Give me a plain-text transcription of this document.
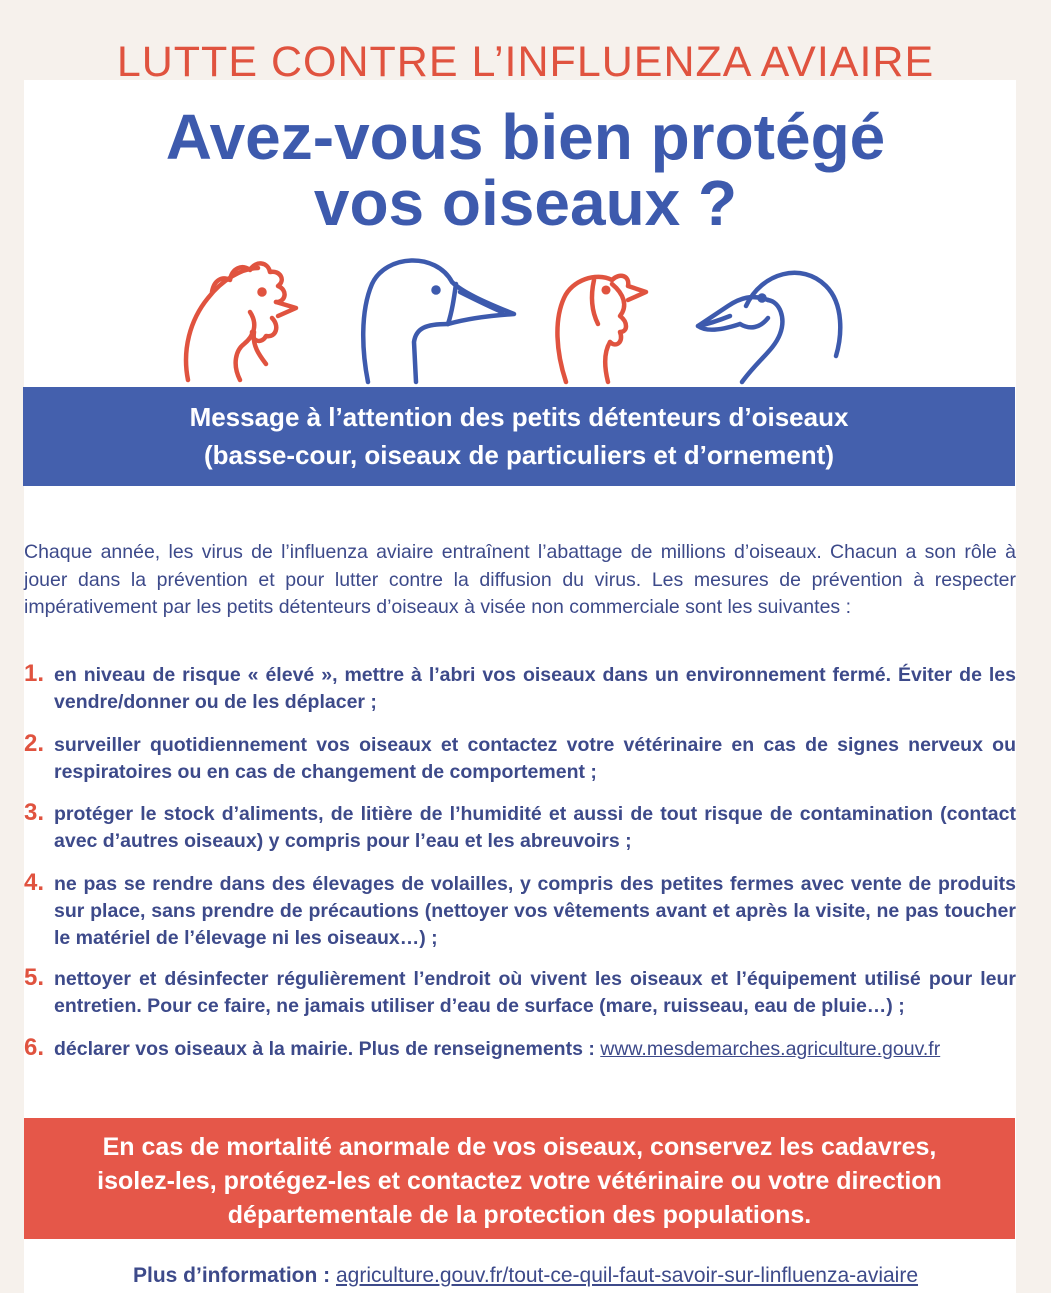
LUTTE CONTRE L’INFLUENZA AVIAIRE
Avez-vous bien protégé
vos oiseaux ?
Message à l’attention des petits détenteurs d’oiseaux
(basse-cour, oiseaux de particuliers et d’ornement)
Chaque année, les virus de l’influenza aviaire entraînent l’abattage de millions d’oiseaux. Chacun a son rôle à jouer dans la prévention et pour lutter contre la diffusion du virus. Les mesures de prévention à respecter impérativement par les petits détenteurs d’oiseaux à visée non commerciale sont les suivantes :
1. en niveau de risque « élevé », mettre à l’abri vos oiseaux dans un environnement fermé. Éviter de les vendre/donner ou de les déplacer ;
2. surveiller quotidiennement vos oiseaux et contactez votre vétérinaire en cas de signes nerveux ou respiratoires ou en cas de changement de comportement ;
3. protéger le stock d’aliments, de litière de l’humidité et aussi de tout risque de contamination (contact avec d’autres oiseaux) y compris pour l’eau et les abreuvoirs ;
4. ne pas se rendre dans des élevages de volailles, y compris des petites fermes avec vente de produits sur place, sans prendre de précautions (nettoyer vos vêtements avant et après la visite, ne pas toucher le matériel de l’élevage ni les oiseaux…) ;
5. nettoyer et désinfecter régulièrement l’endroit où vivent les oiseaux et l’équipement utilisé pour leur entretien. Pour ce faire, ne jamais utiliser d’eau de surface (mare, ruisseau, eau de pluie…) ;
6. déclarer vos oiseaux à la mairie. Plus de renseignements : www.mesdemarches.agriculture.gouv.fr
En cas de mortalité anormale de vos oiseaux, conservez les cadavres,
isolez-les, protégez-les et contactez votre vétérinaire ou votre direction
départementale de la protection des populations.
Plus d’information : agriculture.gouv.fr/tout-ce-quil-faut-savoir-sur-linfluenza-aviaire
